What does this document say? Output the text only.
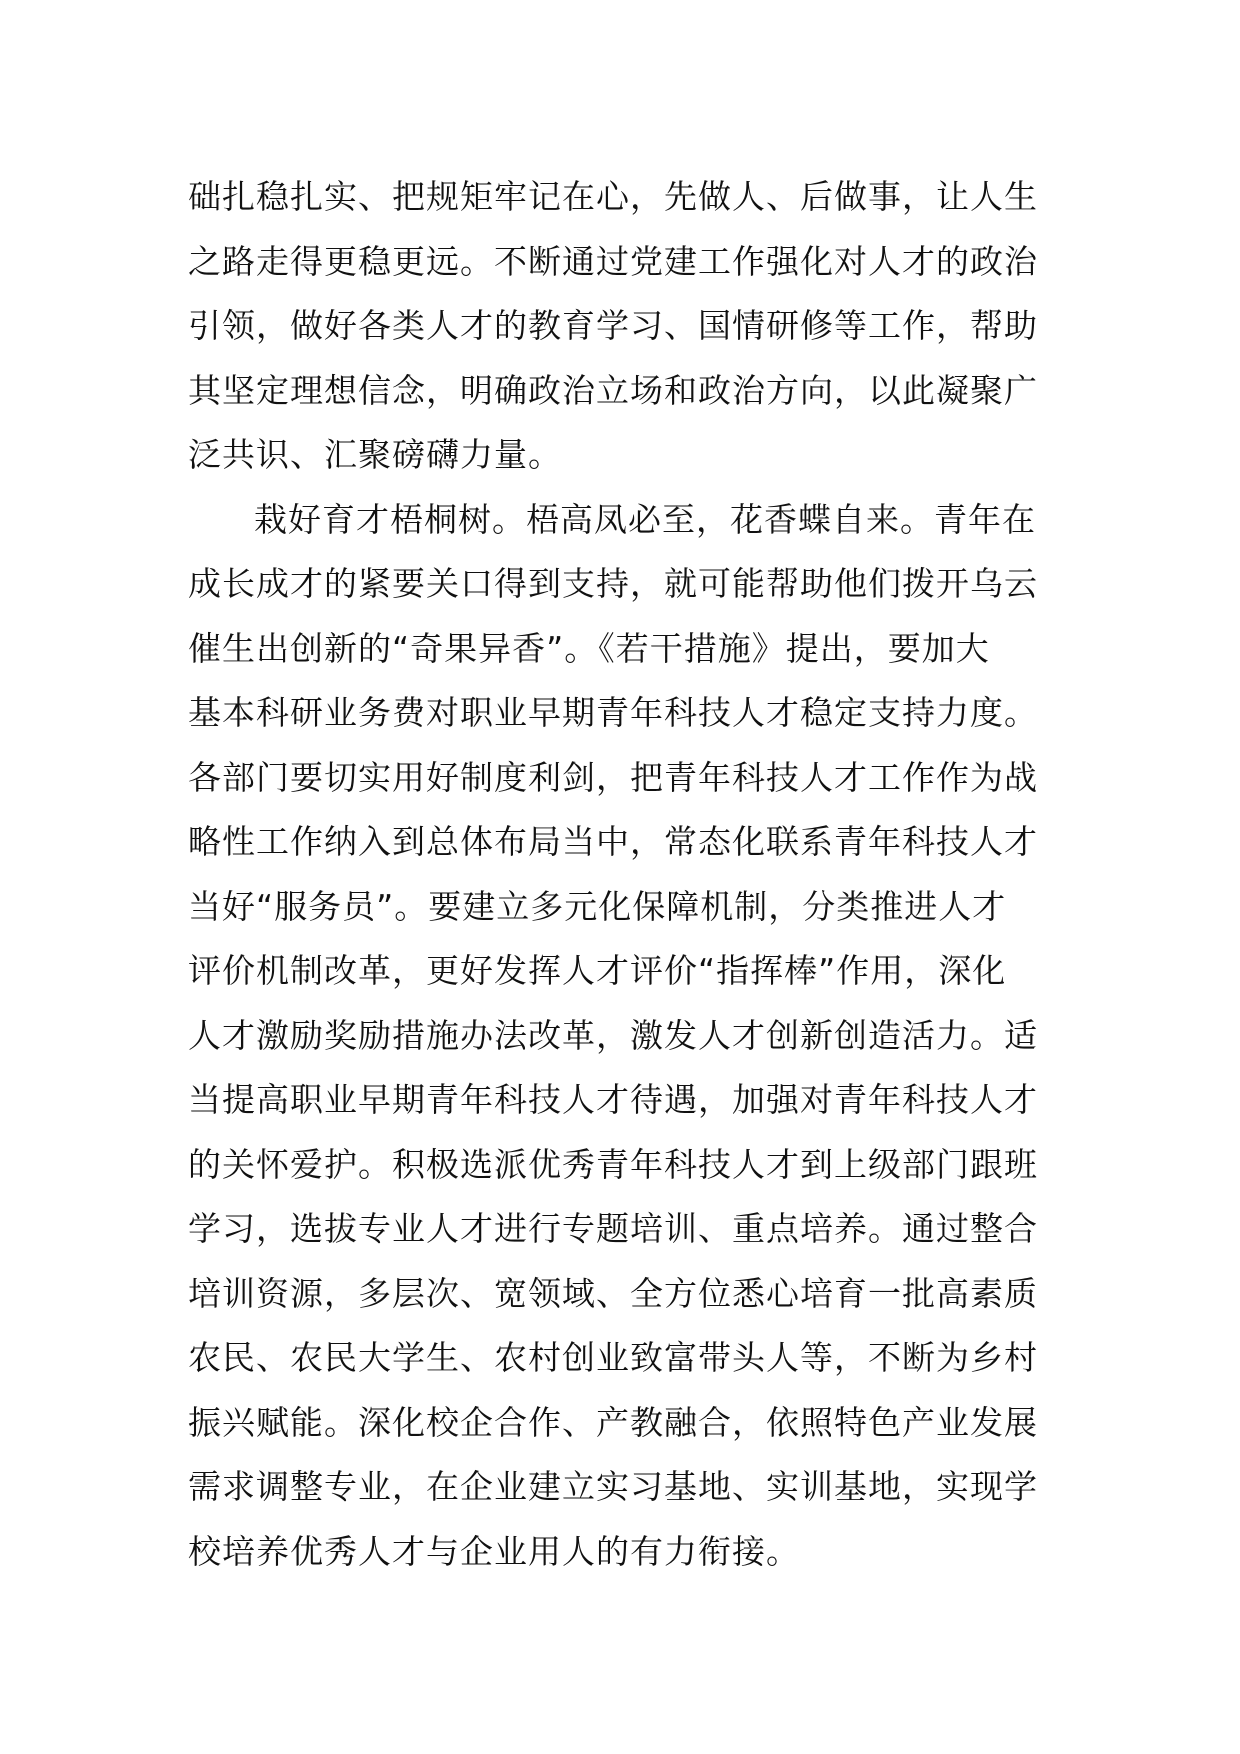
础扎稳扎实、把规矩牢记在心，先做人、后做事，让人生
之路走得更稳更远。不断通过党建工作强化对人才的政治
引领，做好各类人才的教育学习、国情研修等工作，帮助
其坚定理想信念，明确政治立场和政治方向，以此凝聚广
泛共识、汇聚磅礴力量。
栽好育才梧桐树。梧高凤必至，花香蝶自来。青年在
成长成才的紧要关口得到支持，就可能帮助他们拨开乌云
催生出创新的“奇果异香”。《若干措施》提出，要加大
基本科研业务费对职业早期青年科技人才稳定支持力度。
各部门要切实用好制度利剑，把青年科技人才工作作为战
略性工作纳入到总体布局当中，常态化联系青年科技人才
当好“服务员”。要建立多元化保障机制，分类推进人才
评价机制改革，更好发挥人才评价“指挥棒”作用，深化
人才激励奖励措施办法改革，激发人才创新创造活力。适
当提高职业早期青年科技人才待遇，加强对青年科技人才
的关怀爱护。积极选派优秀青年科技人才到上级部门跟班
学习，选拔专业人才进行专题培训、重点培养。通过整合
培训资源，多层次、宽领域、全方位悉心培育一批高素质
农民、农民大学生、农村创业致富带头人等，不断为乡村
振兴赋能。深化校企合作、产教融合，依照特色产业发展
需求调整专业，在企业建立实习基地、实训基地，实现学
校培养优秀人才与企业用人的有力衔接。
